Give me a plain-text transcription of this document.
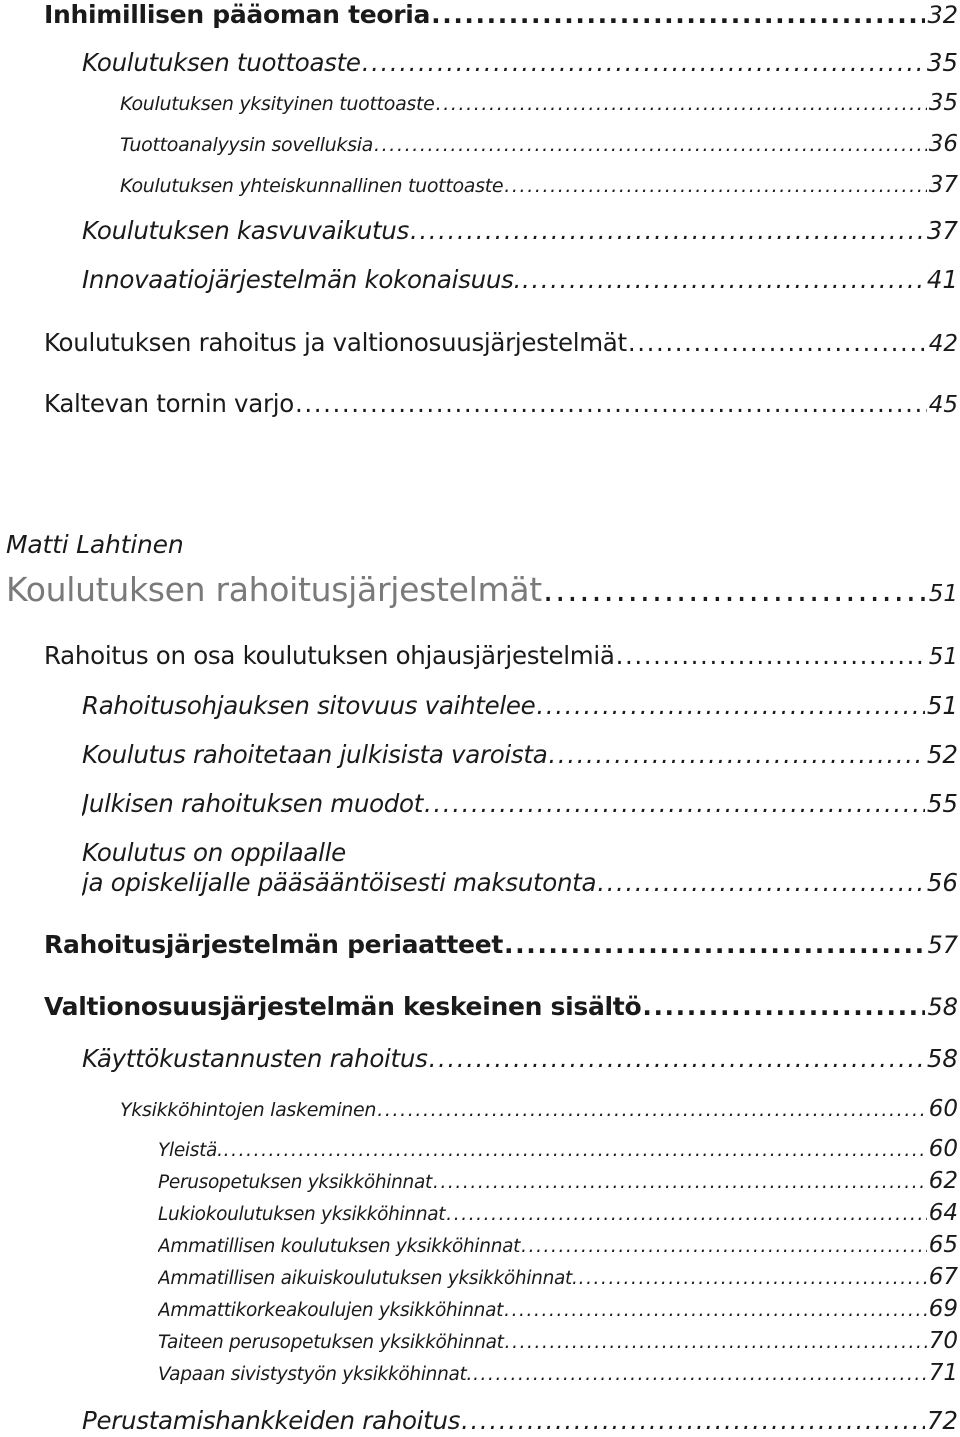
Inhimillisen pääoman teoria .....	32
Koulutuksen tuottoaste .....	35
Koulutuksen yksityinen tuottoaste .....	35
Tuottoanalyysin sovelluksia .....	36
Koulutuksen yhteiskunnallinen tuottoaste .....	37
Koulutuksen kasvuvaikutus .....	37
Innovaatiojärjestelmän kokonaisuus. .....	41
Koulutuksen rahoitus ja valtionosuusjärjestelmät .....	42
Kaltevan tornin varjo .....	45
Matti Lahtinen
Koulutuksen rahoitusjärjestelmät .....	51
Rahoitus on osa koulutuksen ohjausjärjestelmiä .....	51
Rahoitusohjauksen sitovuus vaihtelee .....	51
Koulutus rahoitetaan julkisista varoista .....	52
Julkisen rahoituksen muodot .....	55
Koulutus on oppilaalle
ja opiskelijalle pääsääntöisesti maksutonta .....	56
Rahoitusjärjestelmän periaatteet .....	57
Valtionosuusjärjestelmän keskeinen sisältö .....	58
Käyttökustannusten rahoitus .....	58
Yksikköhintojen laskeminen .....	60
Yleistä. .....	60
Perusopetuksen yksikköhinnat .....	62
Lukiokoulutuksen yksikköhinnat .....	64
Ammatillisen koulutuksen yksikköhinnat .....	65
Ammatillisen aikuiskoulutuksen yksikköhinnat. .....	67
Ammattikorkeakoulujen yksikköhinnat .....	69
Taiteen perusopetuksen yksikköhinnat .....	70
Vapaan sivistystyön yksikköhinnat. .....	71
Perustamishankkeiden rahoitus .....	72
